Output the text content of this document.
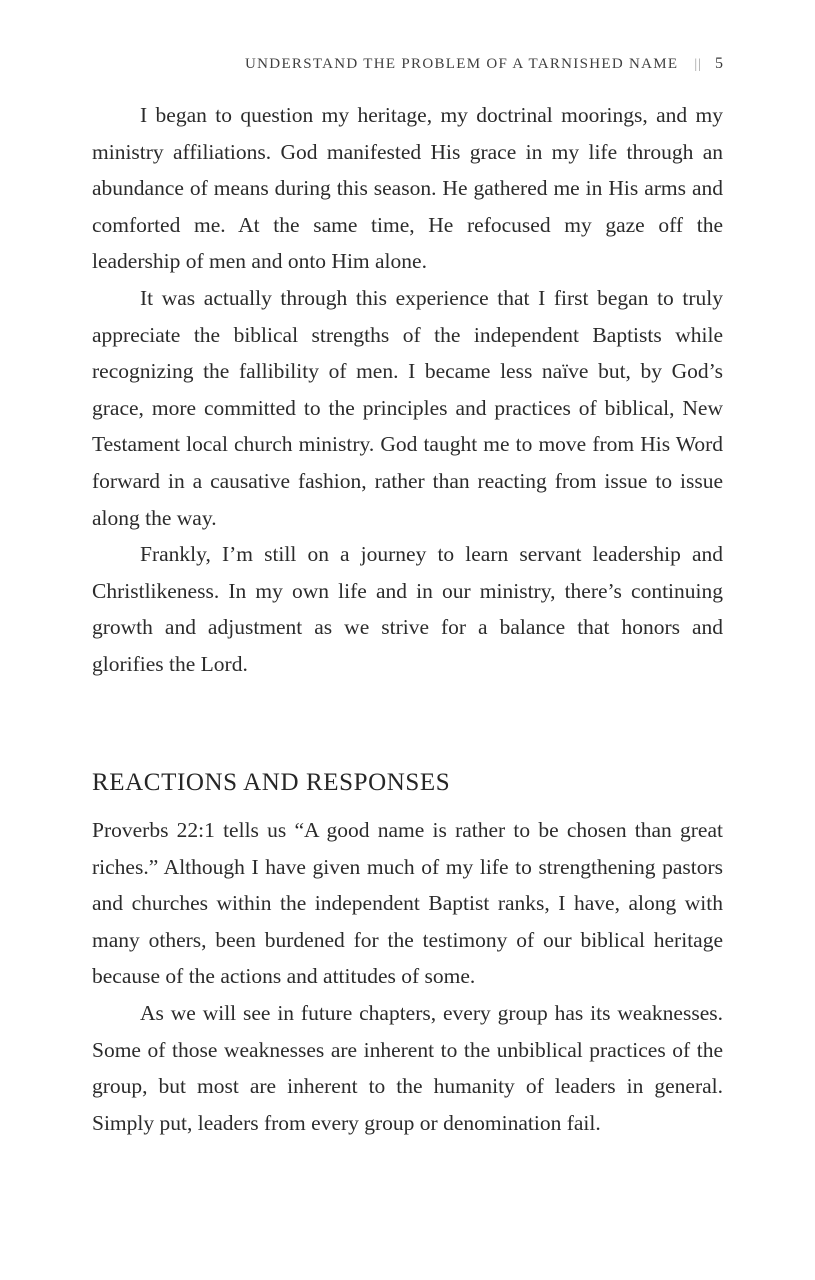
UNDERSTAND THE PROBLEM OF A TARNISHED NAME || 5

I began to question my heritage, my doctrinal moorings, and my ministry affiliations. God manifested His grace in my life through an abundance of means during this season. He gathered me in His arms and comforted me. At the same time, He refocused my gaze off the leadership of men and onto Him alone.

It was actually through this experience that I first began to truly appreciate the biblical strengths of the independent Baptists while recognizing the fallibility of men. I became less naïve but, by God’s grace, more committed to the principles and practices of biblical, New Testament local church ministry. God taught me to move from His Word forward in a causative fashion, rather than reacting from issue to issue along the way.

Frankly, I’m still on a journey to learn servant leadership and Christlikeness. In my own life and in our ministry, there’s continuing growth and adjustment as we strive for a balance that honors and glorifies the Lord.

REACTIONS AND RESPONSES

Proverbs 22:1 tells us “A good name is rather to be chosen than great riches.” Although I have given much of my life to strengthening pastors and churches within the independent Baptist ranks, I have, along with many others, been burdened for the testimony of our biblical heritage because of the actions and attitudes of some.

As we will see in future chapters, every group has its weaknesses. Some of those weaknesses are inherent to the unbiblical practices of the group, but most are inherent to the humanity of leaders in general. Simply put, leaders from every group or denomination fail.
